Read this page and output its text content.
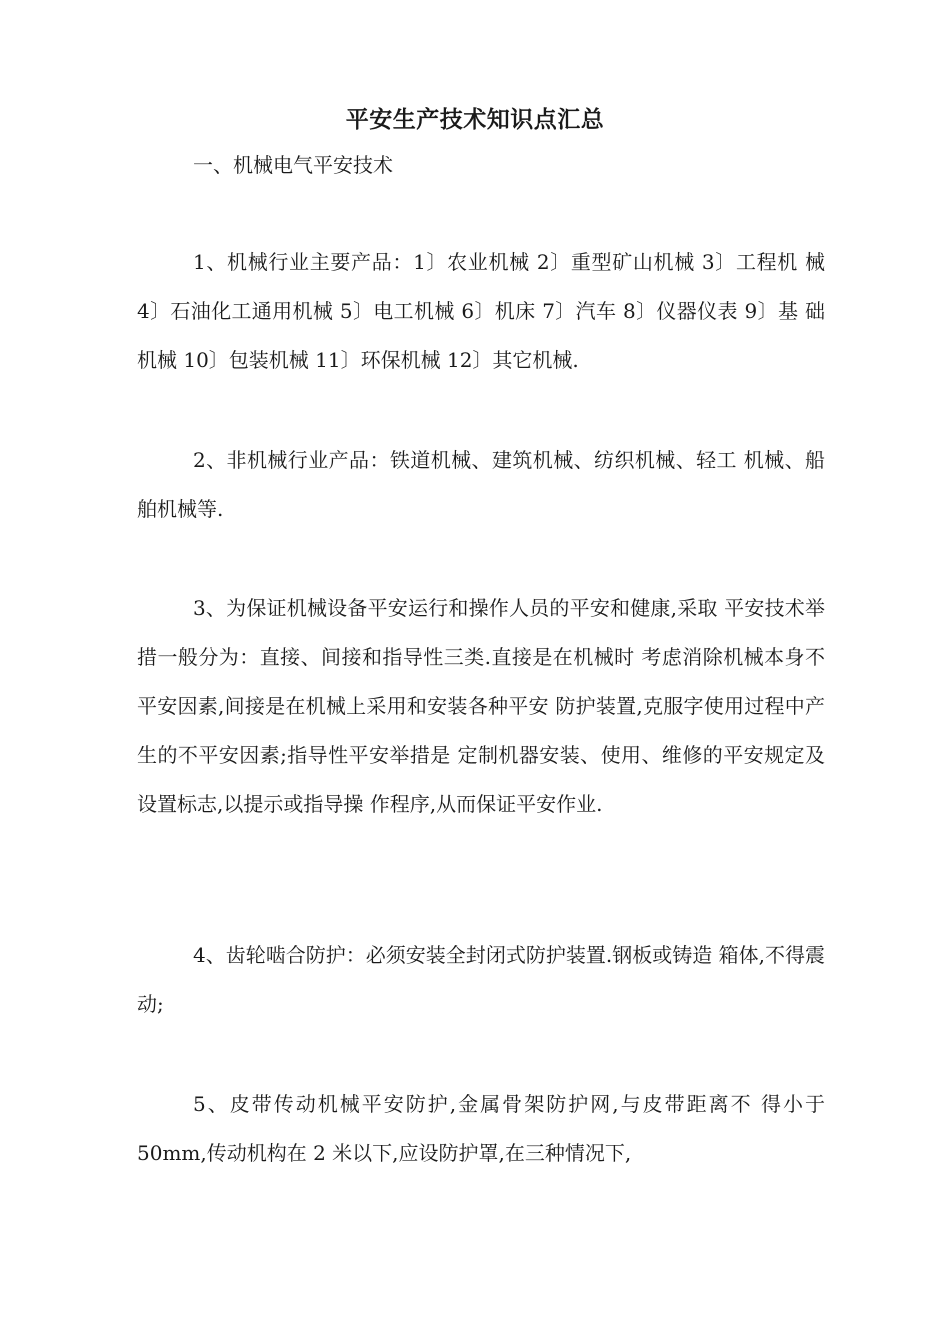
平安生产技术知识点汇总
一、机械电气平安技术

1、机械行业主要产品：1〕农业机械 2〕重型矿山机械 3〕工程机 械 4〕石油化工通用机械 5〕电工机械 6〕机床 7〕汽车 8〕仪器仪表 9〕基 础机械 10〕包装机械 11〕环保机械 12〕其它机械.

2、非机械行业产品：铁道机械、建筑机械、纺织机械、轻工 机械、船舶机械等.

3、为保证机械设备平安运行和操作人员的平安和健康,采取 平安技术举措一般分为：直接、间接和指导性三类.直接是在机械时 考虑消除机械本身不平安因素,间接是在机械上采用和安装各种平安 防护装置,克服字使用过程中产生的不平安因素;指导性平安举措是 定制机器安装、使用、维修的平安规定及设置标志,以提示或指导操 作程序,从而保证平安作业.

4、齿轮啮合防护：必须安装全封闭式防护装置.钢板或铸造 箱体,不得震动;

5、皮带传动机械平安防护,金属骨架防护网,与皮带距离不 得小于 50mm,传动机构在 2 米以下,应设防护罩,在三种情况下,
